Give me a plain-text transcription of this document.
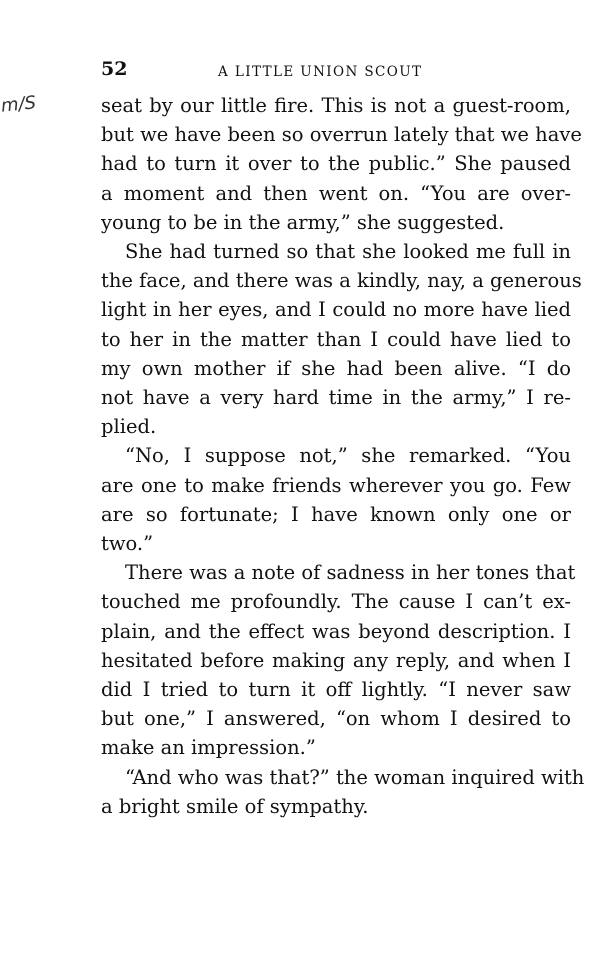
52	A LITTLE UNION SCOUT
m/S	seat by our little fire. This is not a guest-room,
but we have been so overrun lately that we have
had to turn it over to the public.” She paused
a moment and then went on. “You are over-
young to be in the army,” she suggested.
She had turned so that she looked me full in
the face, and there was a kindly, nay, a generous
light in her eyes, and I could no more have lied
to her in the matter than I could have lied to
my own mother if she had been alive. “I do
not have a very hard time in the army,” I re-
plied.
“No, I suppose not,” she remarked. “You
are one to make friends wherever you go. Few
are so fortunate; I have known only one or
two.”
There was a note of sadness in her tones that
touched me profoundly. The cause I can’t ex-
plain, and the effect was beyond description. I
hesitated before making any reply, and when I
did I tried to turn it off lightly. “I never saw
but one,” I answered, “on whom I desired to
make an impression.”
“And who was that?” the woman inquired with
a bright smile of sympathy.
